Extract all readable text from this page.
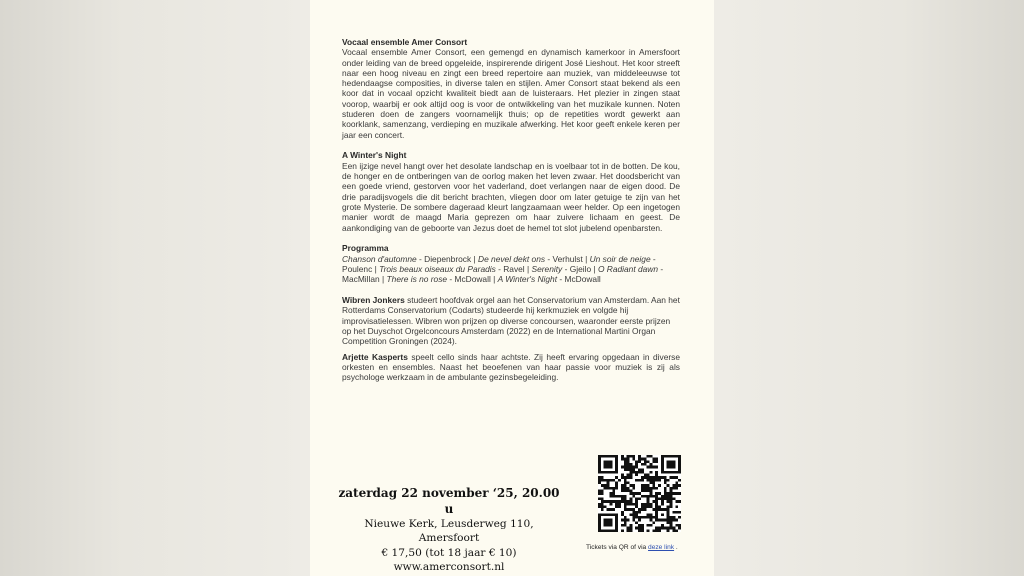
Vocaal ensemble Amer Consort

Vocaal ensemble Amer Consort, een gemengd en dynamisch kamerkoor in Amersfoort onder leiding van de breed opgeleide, inspirerende dirigent José Lieshout. Het koor streeft naar een hoog niveau en zingt een breed repertoire aan muziek, van middeleeuwse tot hedendaagse composities, in diverse talen en stijlen. Amer Consort staat bekend als een koor dat in vocaal opzicht kwaliteit biedt aan de luisteraars. Het plezier in zingen staat voorop, waarbij er ook altijd oog is voor de ontwikkeling van het muzikale kunnen. Noten studeren doen de zangers voornamelijk thuis; op de repetities wordt gewerkt aan koorklank, samenzang, verdieping en muzikale afwerking. Het koor geeft enkele keren per jaar een concert.

A Winter's Night

Een ijzige nevel hangt over het desolate landschap en is voelbaar tot in de botten. De kou, de honger en de ontberingen van de oorlog maken het leven zwaar. Het doodsbericht van een goede vriend, gestorven voor het vaderland, doet verlangen naar de eigen dood. De drie paradijsvogels die dit bericht brachten, vliegen door om later getuige te zijn van het grote Mysterie. De sombere dageraad kleurt langzaamaan weer helder. Op een ingetogen manier wordt de maagd Maria geprezen om haar zuivere lichaam en geest. De aankondiging van de geboorte van Jezus doet de hemel tot slot jubelend openbarsten.

Programma

Chanson d'automne - Diepenbrock | De nevel dekt ons - Verhulst | Un soir de neige - Poulenc | Trois beaux oiseaux du Paradis - Ravel | Serenity - Gjeilo | O Radiant dawn - MacMillan | There is no rose - McDowall | A Winter's Night - McDowall

Wibren Jonkers studeert hoofdvak orgel aan het Conservatorium van Amsterdam. Aan het Rotterdams Conservatorium (Codarts) studeerde hij kerkmuziek en volgde hij improvisatielessen. Wibren won prijzen op diverse concoursen, waaronder eerste prijzen op het Duyschot Orgelconcours Amsterdam (2022) en de International Martini Organ Competition Groningen (2024).

Arjette Kasperts speelt cello sinds haar achtste. Zij heeft ervaring opgedaan in diverse orkesten en ensembles. Naast het beoefenen van haar passie voor muziek is zij als psychologe werkzaam in de ambulante gezinsbegeleiding.

zaterdag 22 november ‘25, 20.00 u
Nieuwe Kerk, Leusderweg 110, Amersfoort
€ 17,50 (tot 18 jaar € 10)
www.amerconsort.nl
Tickets via QR of via deze link .
